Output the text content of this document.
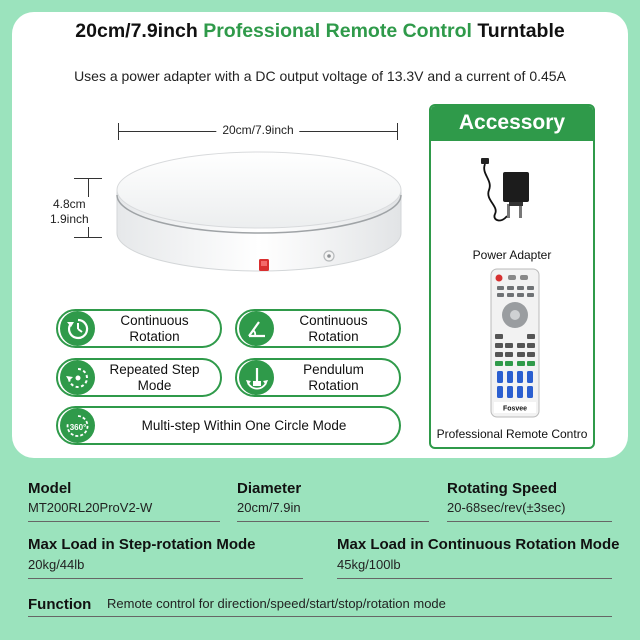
20cm/7.9inch Professional Remote Control Turntable
Uses a power adapter with a DC output voltage of 13.3V and a current of 0.45A
20cm/7.9inch
4.8cm
1.9inch
Accessory
Power Adapter
Fosvee
Professional Remote Contro
Continuous
Rotation
Continuous
Rotation
Repeated Step
Mode
Pendulum
Rotation
360°	Multi-step Within One Circle Mode
Model
MT200RL20ProV2-W
Diameter
20cm/7.9in
Rotating Speed
20-68sec/rev(±3sec)
Max Load in Step-rotation Mode
20kg/44lb
Max Load in Continuous Rotation Mode
45kg/100lb
Function Remote control for direction/speed/start/stop/rotation mode
